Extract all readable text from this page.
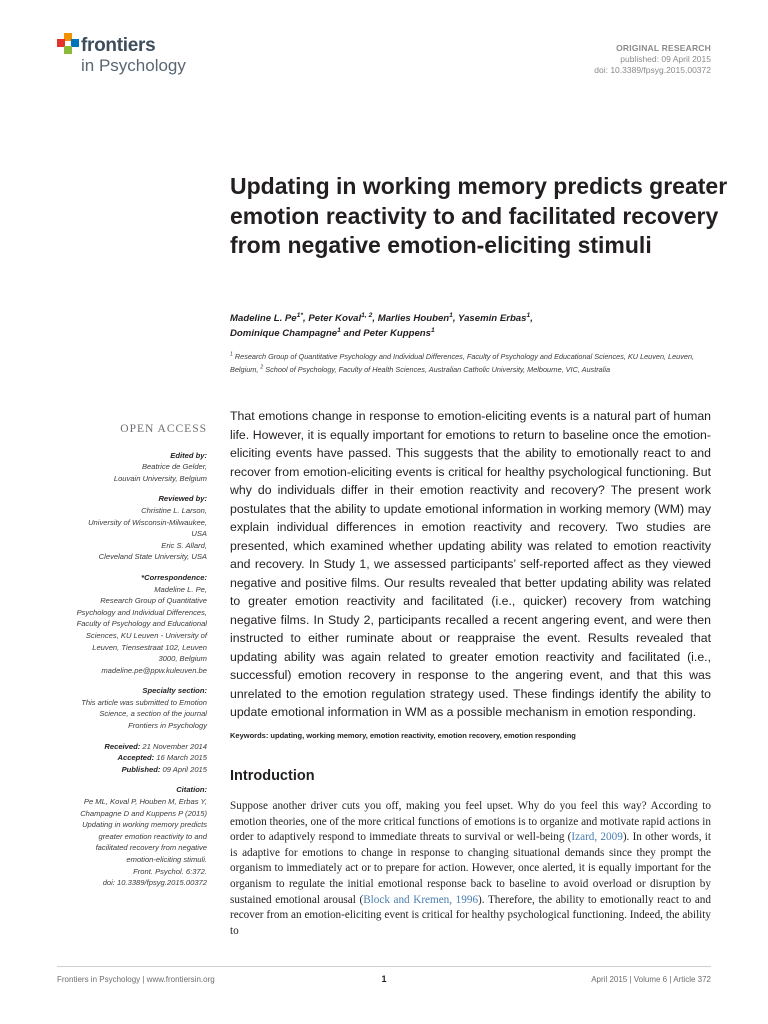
frontiers
in Psychology
ORIGINAL RESEARCH
published: 09 April 2015
doi: 10.3389/fpsyg.2015.00372
Updating in working memory predicts greater emotion reactivity to and facilitated recovery from negative emotion-eliciting stimuli
Madeline L. $Pe^{1*}$, Peter Koval$^{1, 2}$, Marlies Houben$^1$, Yasemin Erbas$^1$,
Dominique Champagne$^1$ and Peter Kuppens$^1$
$^1$ Research Group of Quantitative Psychology and Individual Differences, Faculty of Psychology and Educational Sciences, KU Leuven, Leuven, Belgium, $^2$ School of Psychology, Faculty of Health Sciences, Australian Catholic University, Melbourne, VIC, Australia
OPEN ACCESS
Edited by:
Beatrice de Gelder,
Louvain University, Belgium
Reviewed by:
Christine L. Larson,
University of Wisconsin-Milwaukee,
USA
Eric S. Allard,
Cleveland State University, USA
*Correspondence:
Madeline L. Pe,
Research Group of Quantitative
Psychology and Individual Differences,
Faculty of Psychology and Educational
Sciences, KU Leuven - University of
Leuven, Tiensestraat 102, Leuven
3000, Belgium
madeline.pe@ppw.kuleuven.be
Specialty section:
This article was submitted to Emotion
Science, a section of the journal
Frontiers in Psychology
Received: 21 November 2014
Accepted: 16 March 2015
Published: 09 April 2015
Citation:
Pe ML, Koval P, Houben M, Erbas Y,
Champagne D and Kuppens P (2015)
Updating in working memory predicts
greater emotion reactivity to and
facilitated recovery from negative
emotion-eliciting stimuli.
Front. Psychol. 6:372.
doi: 10.3389/fpsyg.2015.00372

That emotions change in response to emotion-eliciting events is a natural part of human life. However, it is equally important for emotions to return to baseline once the emotion-eliciting events have passed. This suggests that the ability to emotionally react to and recover from emotion-eliciting events is critical for healthy psychological functioning. But why do individuals differ in their emotion reactivity and recovery? The present work postulates that the ability to update emotional information in working memory (WM) may explain individual differences in emotion reactivity and recovery. Two studies are presented, which examined whether updating ability was related to emotion reactivity and recovery. In Study 1, we assessed participants’ self-reported affect as they viewed negative and positive films. Our results revealed that better updating ability was related to greater emotion reactivity and facilitated (i.e., quicker) recovery from watching negative films. In Study 2, participants recalled a recent angering event, and were then instructed to either ruminate about or reappraise the event. Results revealed that updating ability was again related to greater emotion reactivity and facilitated (i.e., successful) emotion recovery in response to the angering event, and that this was unrelated to the emotion regulation strategy used. These findings identify the ability to update emotional information in WM as a possible mechanism in emotion responding.

Keywords: updating, working memory, emotion reactivity, emotion recovery, emotion responding
Introduction

Suppose another driver cuts you off, making you feel upset. Why do you feel this way? According to emotion theories, one of the more critical functions of emotions is to organize and motivate rapid actions in order to adaptively respond to immediate threats to survival or well-being (Izard, 2009). In other words, it is adaptive for emotions to change in response to changing situational demands since they prompt the organism to immediately act or to prepare for action. However, once alerted, it is equally important for the organism to regulate the initial emotional response back to baseline to avoid overload or disruption by sustained emotional arousal (Block and Kremen, 1996). Therefore, the ability to emotionally react to and recover from an emotion-eliciting event is critical for healthy psychological functioning. Indeed, the ability to

Frontiers in Psychology | www.frontiersin.org	1	April 2015 | Volume 6 | Article 372
